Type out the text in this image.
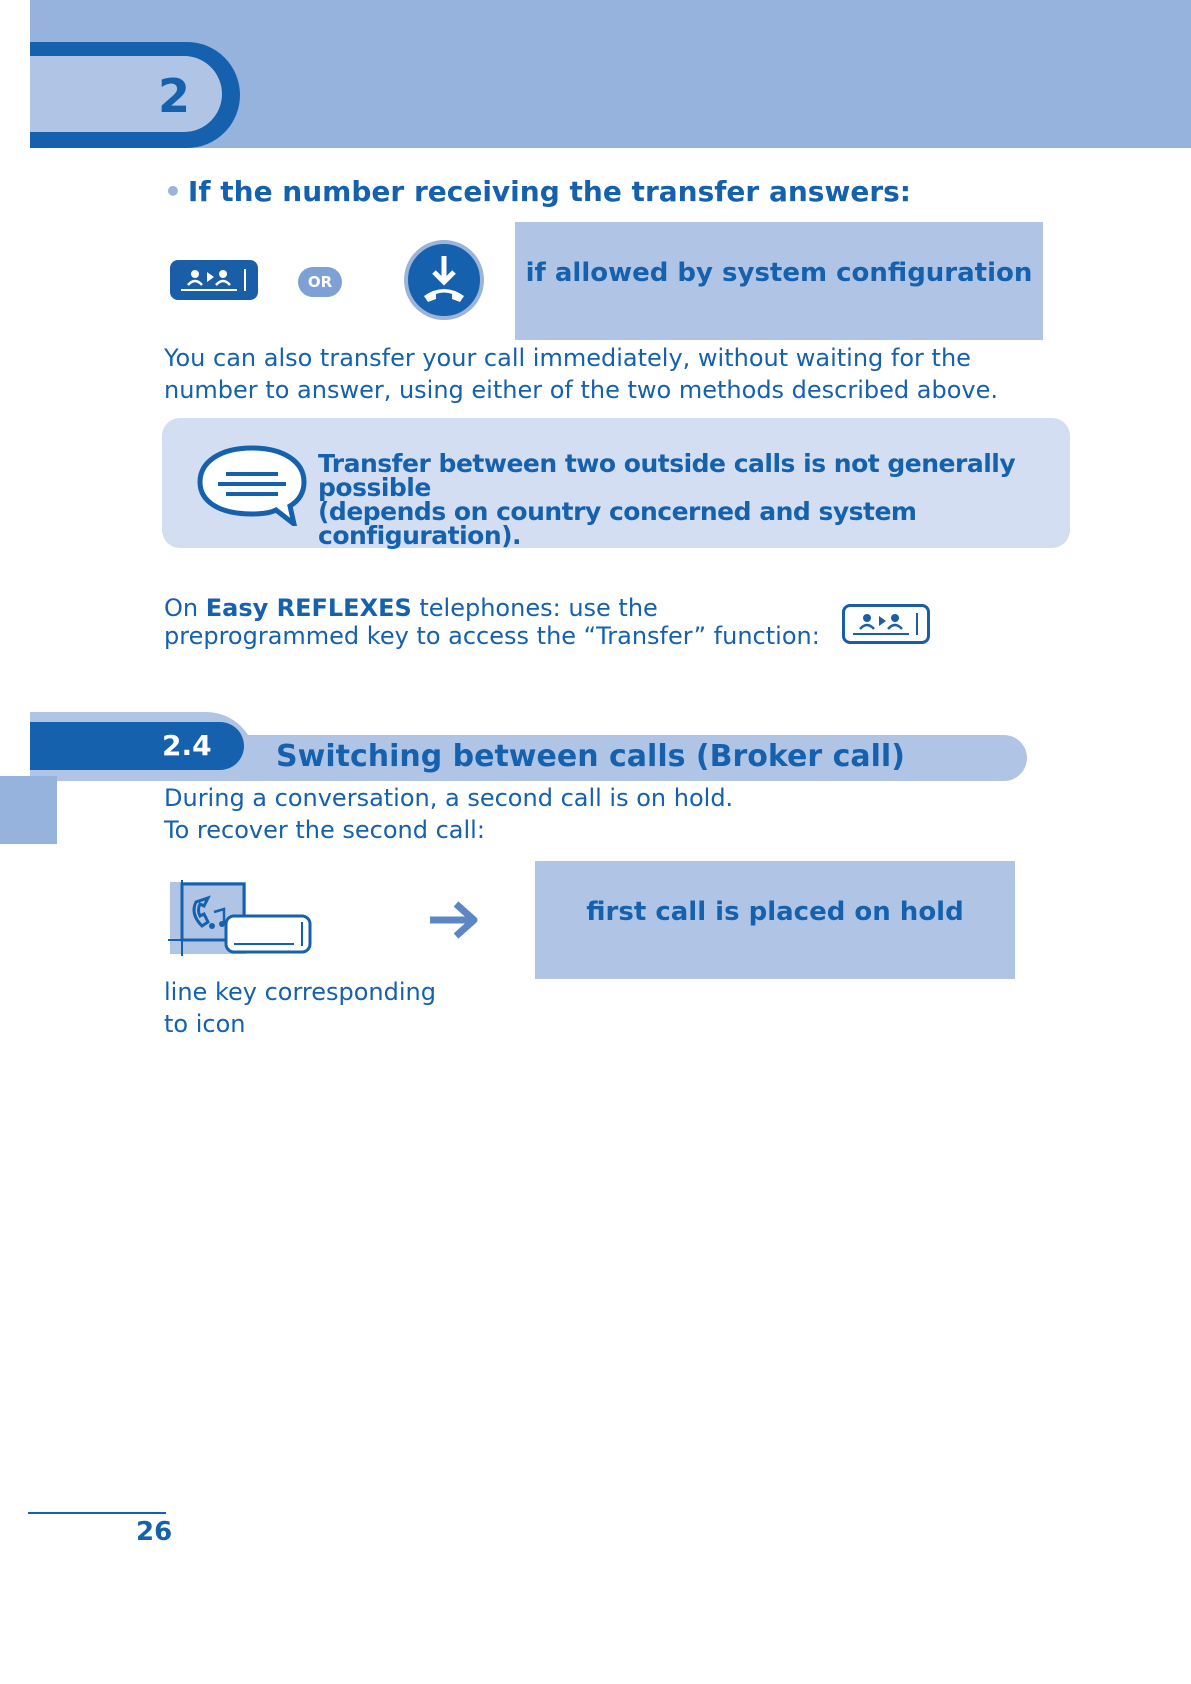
2
• If the number receiving the transfer answers:
OR	if allowed by system configuration
You can also transfer your call immediately, without waiting for the number to answer, using either of the two methods described above.
Transfer between two outside calls is not generally possible
(depends on country concerned and system configuration).
On Easy REFLEXES telephones: use the preprogrammed key to access the “Transfer” function:
2.4 Switching between calls (Broker call)
During a conversation, a second call is on hold.
To recover the second call:
first call is placed on hold
line key corresponding to icon
26
